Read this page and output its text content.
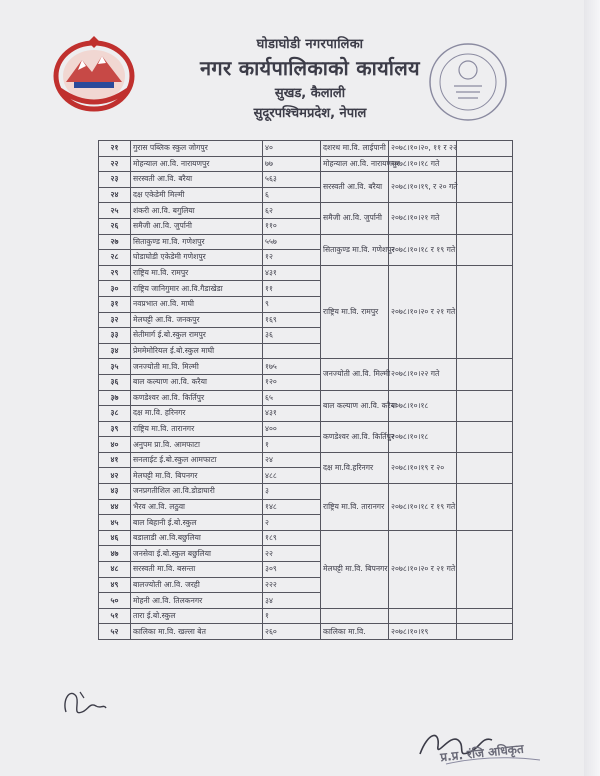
घोडाघोडी नगरपालिका
नगर कार्यपालिकाको कार्यालय
सुखड, कैलाली
सुदूरपश्चिमप्रदेश, नेपाल
२१	गुरास पब्लिक स्कुल जोगपुर	४०	दशरथ मा.वि. लाईपानी	२०७८।१०।२०, ११ र २२	
२२	मोहन्याल आ.वि. नारायणपुर	७७	मोहन्याल आ.वि. नारायणपुर	२०७८।१०।१८ गते	
२३	सरस्वती आ.वि. बरैया	५६३	सरस्वती आ.वि. बरैया	२०७८।१०।१९, र २० गते	
२४	दक्ष एकेडेमी मिल्मी	६			
२५	शंकरी आ.वि. बगुलिया	६२	समैजी आ.वि. जुर्पानी	२०७८।१०।२१ गते	
२६	समैजी आ.वि. जुर्पानी	११०			
२७	सिताकुण्ड मा.वि. गणेशपुर	५५७	सिताकुण्ड मा.वि. गणेशपुर	२०७८।१०।१८ र १९ गते	
२८	घोडाघोडी एकेडेमी गणेशपुर	१२			
२९	राष्ट्रिय मा.वि. रामपुर	४३१	राष्ट्रिय मा.वि. रामपुर	२०७८।१०।२० र २१ गते	
३०	राष्ट्रिय जानिगुमार आ.वि.गैडाखेडा	११			
३१	नवप्रभात आ.वि. माघी	९			
३२	मेलघट्टी आ.वि. जनकपुर	१६९			
३३	सेतीमार्ग ई.बो.स्कुल रामपुर	३६			
३४	प्रेममेमोरियल ई.बो.स्कुल माघी				
३५	जनज्योती मा.वि. मिल्मी	१७५	जनज्योती आ.वि. मिल्मी	२०७८।१०।२२ गते	
३६	बाल कल्याण आ.वि. करैया	१२०			
३७	कणडेश्वर आ.वि. किर्तिपुर	६५	बाल कल्याण आ.वि. करैया	२०७८।१०।१८	
३८	दक्ष मा.वि. हरिनगर	४३१			
३९	राष्ट्रिय मा.वि. तारानगर	४००	कणडेश्वर आ.वि. किर्तिपुर	२०७८।१०।१८	
४०	अनुपम प्रा.वि. आमफाटा	१			
४१	सनलाईट ई.बो.स्कुल आमफाटा	२४	दक्ष मा.वि.हरिनगर	२०७८।१०।१९ र २०	
४२	मेलघट्टी मा.वि. बिपनगर	४८८			
४३	जनप्रगतीशिल आ.वि.डोडाघारी	३	राष्ट्रिय मा.वि. तारानगर	२०७८।१०।१८ र १९ गते	
४४	भैरव आ.वि. लठुवा	१४८			
४५	बाल बिहानी ई.बो.स्कुल	२			
४६	बडालाडी आ.वि.बछुलिया	१८९	मेलघट्टी मा.वि. बिपनगर	२०७८।१०।२० र २१ गते	
४७	जनसेवा ई.बो.स्कुल बछुलिया	२२			
४८	सरस्वती मा.वि. बसन्ता	३०९			
४९	बालज्योती आ.वि. जरही	२२२			
५०	मोहनी आ.वि. तिलकनगर	३४			
५१	तारा ई.बो.स्कुल	१			
५२	कालिका मा.वि. खल्ला बेत	२६०	कालिका मा.वि.	२०७८।१०।१९	
प्र.प्र. रंजि अधिकृत
